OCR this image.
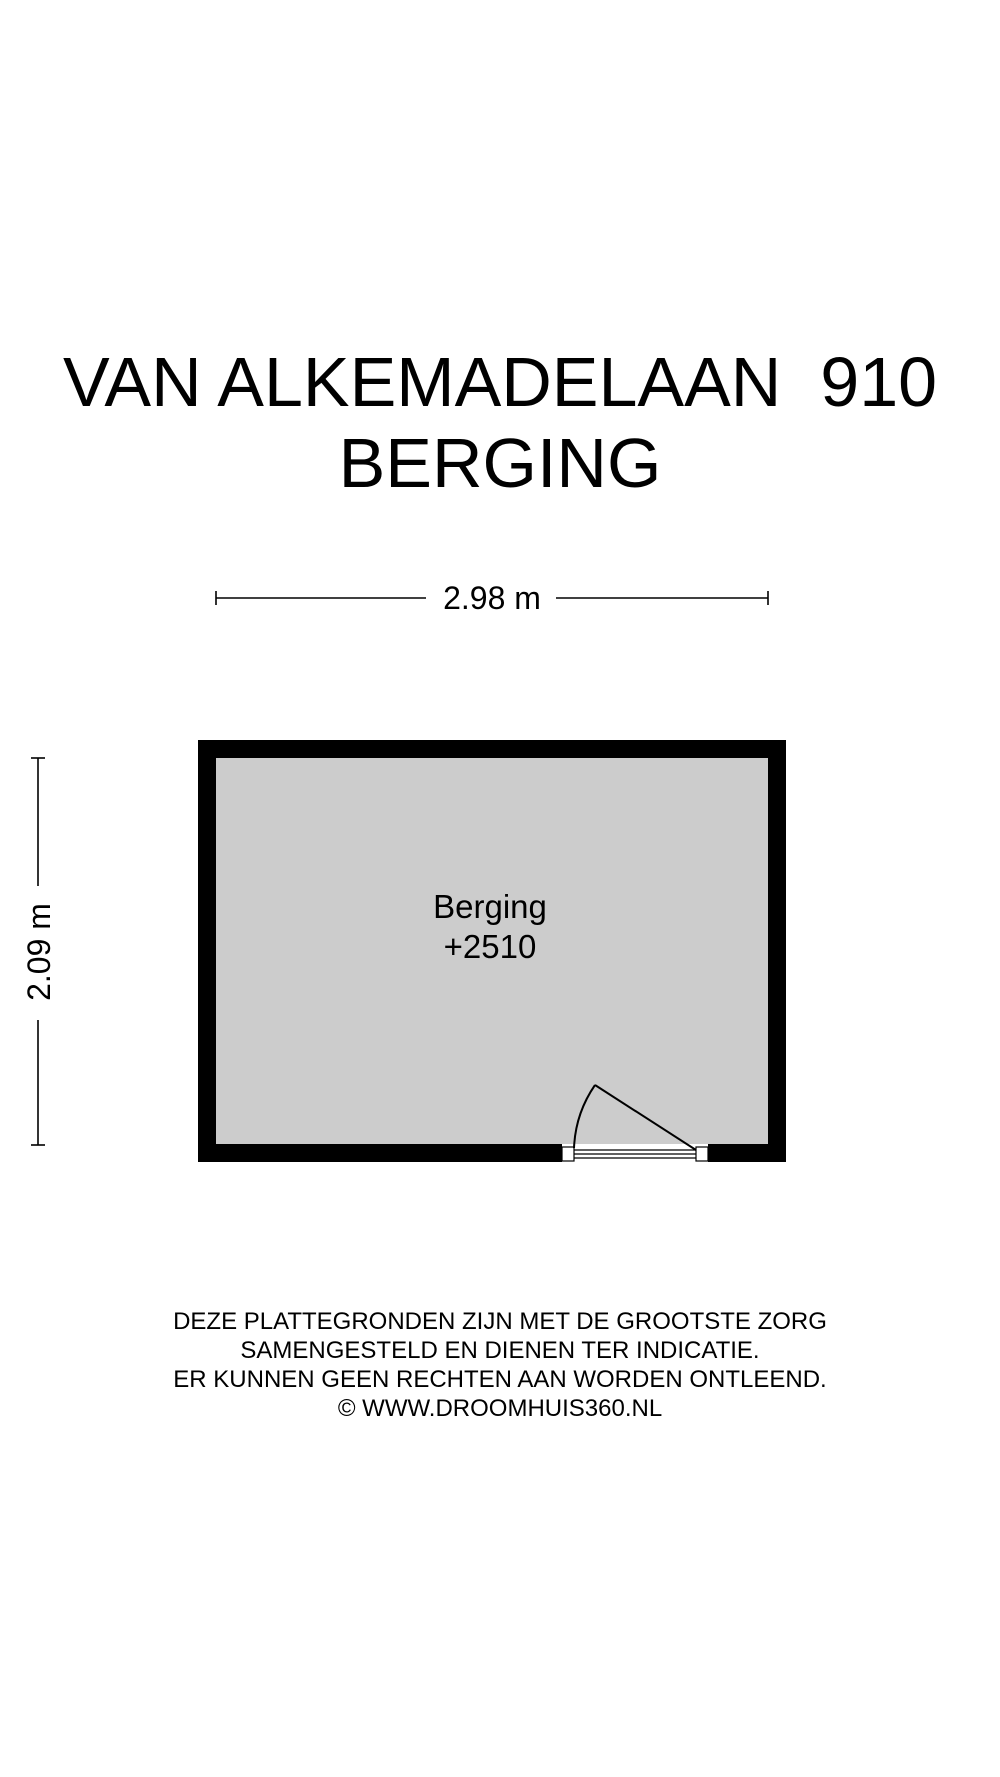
VAN ALKEMADELAAN  910
BERGING
2.98 m
2.09 m	Berging
+2510
DEZE PLATTEGRONDEN ZIJN MET DE GROOTSTE ZORG
SAMENGESTELD EN DIENEN TER INDICATIE.
ER KUNNEN GEEN RECHTEN AAN WORDEN ONTLEEND.
© WWW.DROOMHUIS360.NL
